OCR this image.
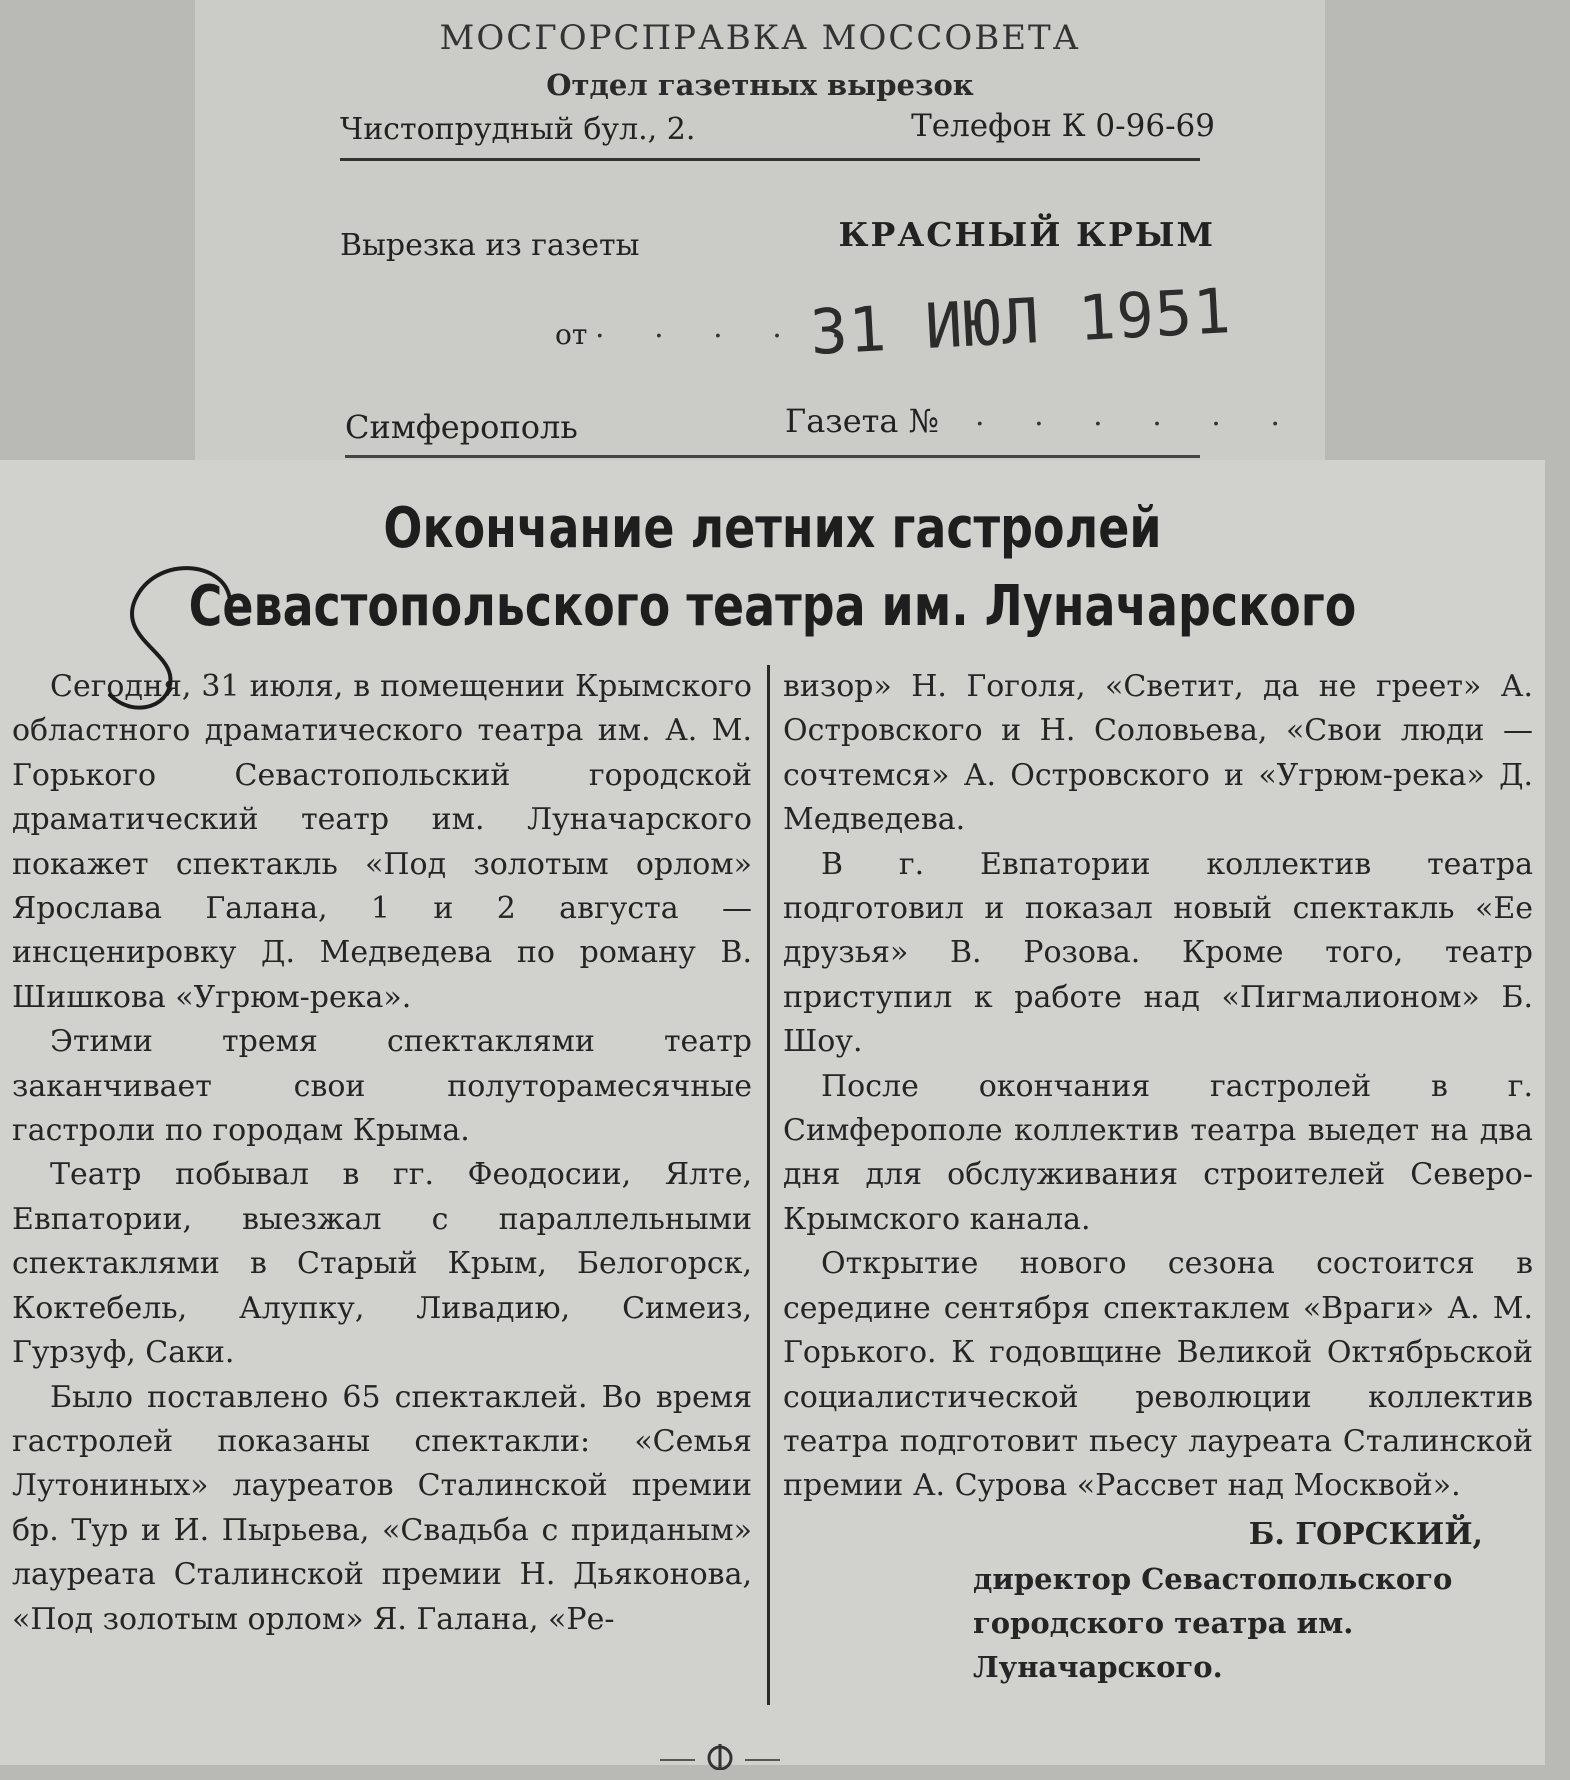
МОСГОРСПРАВКА МОССОВЕТА
Отдел газетных вырезок
Чистопрудный бул., 2.	Телефон К 0-96-69
Вырезка из газеты	КРАСНЫЙ КРЫМ
от . . . . .
31 ИЮЛ 1951
Симферополь	Газета № . . . . . .
Окончание летних гастролей Севастопольского театра им. Луначарского

Сегодня, 31 июля, в помещении Крымского областного драматического театра им. А. М. Горького Севастопольский городской драматический театр им. Луначарского покажет спектакль «Под золотым орлом» Ярослава Галана, 1 и 2 августа — инсценировку Д. Медведева по роману В. Шишкова «Угрюм-река».

Этими тремя спектаклями театр заканчивает свои полуторамесячные гастроли по городам Крыма.

Театр побывал в гг. Феодосии, Ялте, Евпатории, выезжал с параллельными спектаклями в Старый Крым, Белогорск, Коктебель, Алупку, Ливадию, Симеиз, Гурзуф, Саки.

Было поставлено 65 спектаклей. Во время гастролей показаны спектакли: «Семья Лутониных» лауреатов Сталинской премии бр. Тур и И. Пырьева, «Свадьба с приданым» лауреата Сталинской премии Н. Дьяконова, «Под золотым орлом» Я. Галана, «Ре-

визор» Н. Гоголя, «Светит, да не греет» А. Островского и Н. Соловьева, «Свои люди — сочтемся» А. Островского и «Угрюм-река» Д. Медведева.

В г. Евпатории коллектив театра подготовил и показал новый спектакль «Ее друзья» В. Розова. Кроме того, театр приступил к работе над «Пигмалионом» Б. Шоу.

После окончания гастролей в г. Симферополе коллектив театра выедет на два дня для обслуживания строителей Северо-Крымского канала.

Открытие нового сезона состоится в середине сентября спектаклем «Враги» А. М. Горького. К годовщине Великой Октябрьской социалистической революции коллектив театра подготовит пьесу лауреата Сталинской премии А. Сурова «Рассвет над Москвой».

Б. ГОРСКИЙ,
директор Севастопольского городского театра им. Луначарского.
